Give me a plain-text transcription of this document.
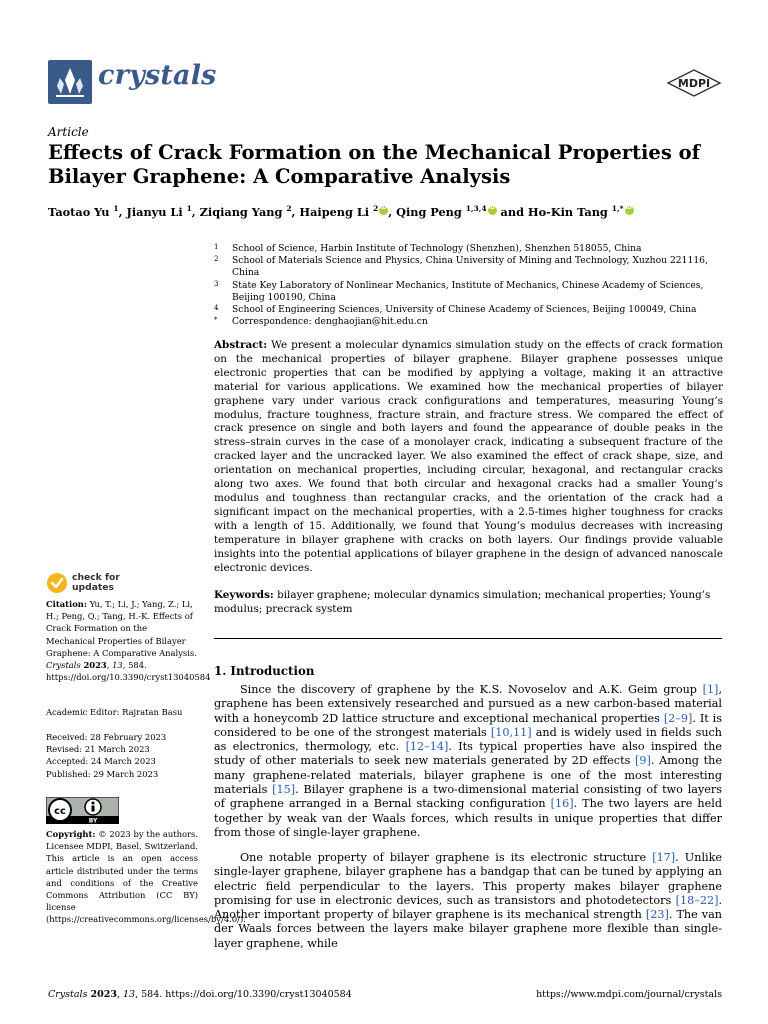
crystals	MDPI
Article
Effects of Crack Formation on the Mechanical Properties of Bilayer Graphene: A Comparative Analysis
Taotao Yu $^1$, Jianyu Li $^1$, Ziqiang Yang $^2$, Haipeng Li $^2$iD , Qing Peng $^{1,3,4}$iD and Ho-Kin Tang $^{1,*}$iD
1	School of Science, Harbin Institute of Technology (Shenzhen), Shenzhen 518055, China
2	School of Materials Science and Physics, China University of Mining and Technology, Xuzhou 221116, China
3	State Key Laboratory of Nonlinear Mechanics, Institute of Mechanics, Chinese Academy of Sciences, Beijing 100190, China
4	School of Engineering Sciences, University of Chinese Academy of Sciences, Beijing 100049, China
*	Correspondence: denghaojian@hit.edu.cn
Abstract: We present a molecular dynamics simulation study on the effects of crack formation on the mechanical properties of bilayer graphene. Bilayer graphene possesses unique electronic properties that can be modified by applying a voltage, making it an attractive material for various applications. We examined how the mechanical properties of bilayer graphene vary under various crack configurations and temperatures, measuring Young’s modulus, fracture toughness, fracture strain, and fracture stress. We compared the effect of crack presence on single and both layers and found the appearance of double peaks in the stress–strain curves in the case of a monolayer crack, indicating a subsequent fracture of the cracked layer and the uncracked layer. We also examined the effect of crack shape, size, and orientation on mechanical properties, including circular, hexagonal, and rectangular cracks along two axes. We found that both circular and hexagonal cracks had a smaller Young’s modulus and toughness than rectangular cracks, and the orientation of the crack had a significant impact on the mechanical properties, with a 2.5-times higher toughness for cracks with a length of 15. Additionally, we found that Young’s modulus decreases with increasing temperature in bilayer graphene with cracks on both layers. Our findings provide valuable insights into the potential applications of bilayer graphene in the design of advanced nanoscale electronic devices.
Keywords: bilayer graphene; molecular dynamics simulation; mechanical properties; Young’s modulus; precrack system
check for
updates
Citation: Yu, T.; Li, J.; Yang, Z.; Li, H.; Peng, Q.; Tang, H.-K. Effects of Crack Formation on the Mechanical Properties of Bilayer Graphene: A Comparative Analysis. Crystals 2023, 13, 584. https://doi.org/10.3390/cryst13040584
Academic Editor: Rajratan Basu
Received: 28 February 2023
Revised: 21 March 2023
Accepted: 24 March 2023
Published: 29 March 2023
cc
BY
Copyright: © 2023 by the authors. Licensee MDPI, Basel, Switzerland. This article is an open access article distributed under the terms and conditions of the Creative Commons Attribution (CC BY) license (https://creativecommons.org/licenses/by/4.0/).
1. Introduction
Since the discovery of graphene by the K.S. Novoselov and A.K. Geim group [1], graphene has been extensively researched and pursued as a new carbon-based material with a honeycomb 2D lattice structure and exceptional mechanical properties [2–9]. It is considered to be one of the strongest materials [10,11] and is widely used in fields such as electronics, thermology, etc. [12–14]. Its typical properties have also inspired the study of other materials to seek new materials generated by 2D effects [9]. Among the many graphene-related materials, bilayer graphene is one of the most interesting materials [15]. Bilayer graphene is a two-dimensional material consisting of two layers of graphene arranged in a Bernal stacking configuration [16]. The two layers are held together by weak van der Waals forces, which results in unique properties that differ from those of single-layer graphene.
One notable property of bilayer graphene is its electronic structure [17]. Unlike single-layer graphene, bilayer graphene has a bandgap that can be tuned by applying an electric field perpendicular to the layers. This property makes bilayer graphene promising for use in electronic devices, such as transistors and photodetectors [18–22]. Another important property of bilayer graphene is its mechanical strength [23]. The van der Waals forces between the layers make bilayer graphene more flexible than single-layer graphene, while
Crystals 2023, 13, 584. https://doi.org/10.3390/cryst13040584	https://www.mdpi.com/journal/crystals
